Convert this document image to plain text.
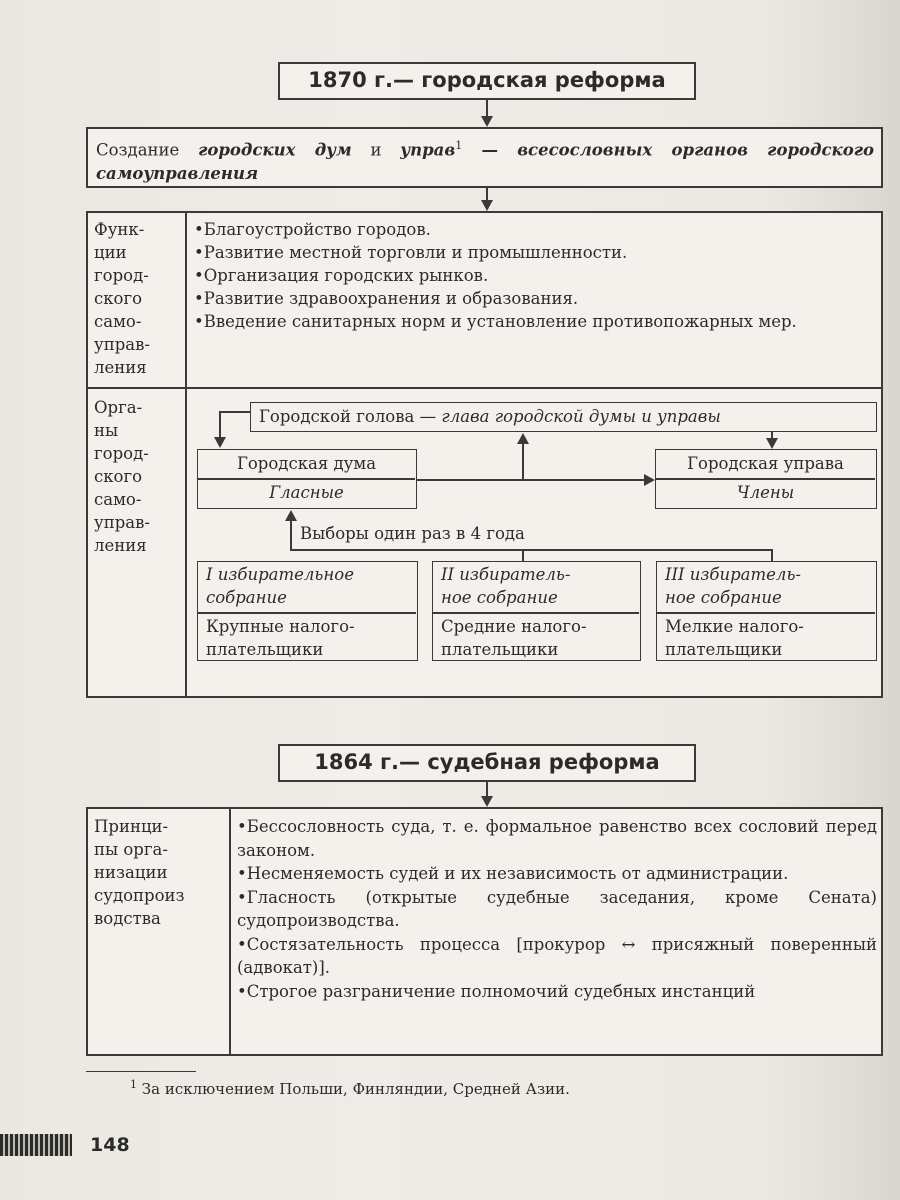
1870 г.— городская реформа
Создание городских дум и управ$^1$ — всесословных органов городского самоуправления
Функ-
ции
город-
ского
само-
управ-
ления
• Благоустройство городов.
• Развитие местной торговли и промышленности.
• Организация городских рынков.
• Развитие здравоохранения и образования.
• Введение санитарных норм и установление противопожарных мер.
Орга-
ны
город-
ского
само-
управ-
ления
Городской голова — глава городской думы и управы
Городская дума
Гласные
Городская управа
Члены
Выборы один раз в 4 года
I избирательное
собрание
Крупные налого-
плательщики
II избиратель-
ное собрание
Средние налого-
плательщики
III избиратель-
ное собрание
Мелкие налого-
плательщики
1864 г.— судебная реформа
Принци-
пы орга-
низации
судопроиз
водства
• Бессословность суда, т. е. формальное равенство всех сословий перед законом.
• Несменяемость судей и их независимость от администрации.
• Гласность (открытые судебные заседания, кроме Сената) судопроизводства.
• Состязательность процесса [прокурор ↔ присяжный поверенный (адвокат)].
• Строгое разграничение полномочий судебных инстанций
$^1$ За исключением Польши, Финляндии, Средней Азии.
148
